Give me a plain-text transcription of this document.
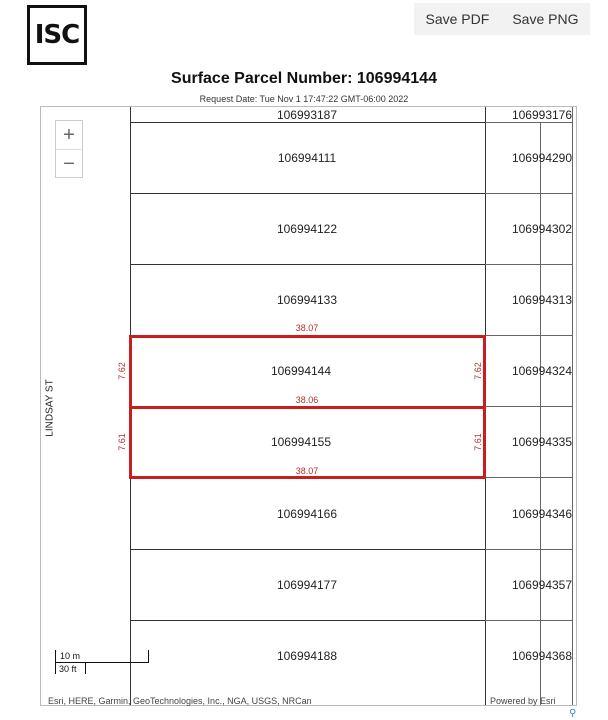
ISC
Save PDF Save PNG
Surface Parcel Number: 106994144
Request Date: Tue Nov 1 17:47:22 GMT-06:00 2022
106993187
106994111
106994122
106994133
106994144
106994155
106994166
106994177
106994188
106993176
106994290
106994302
106994313
106994324
106994335
106994346
106994357
106994368
38.07
7.62	7.62
38.06
7.61	7.61
38.07
LINDSAY ST
+
−
10 m
30 ft
Esri, HERE, Garmin, GeoTechnologies, Inc., NGA, USGS, NRCan	Powered by Esri
⚲
